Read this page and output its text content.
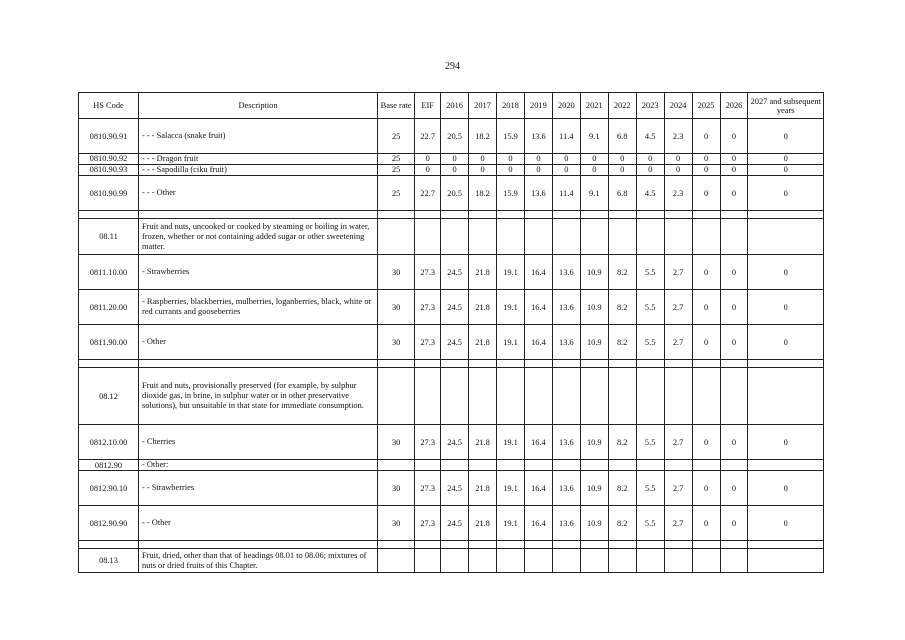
294
HS Code	Description	Base rate	EIF	2016	2017	2018	2019	2020	2021	2022	2023	2024	2025	2026	2027 and subsequent years
0810.90.91	- - - Salacca (snake fruit)	25	22.7	20.5	18.2	15.9	13.6	11.4	9.1	6.8	4.5	2.3	0	0	0
0810.90.92	- - - Dragon fruit	25	0	0	0	0	0	0	0	0	0	0	0	0	0
0810.90.93	- - - Sapodilla (ciku fruit)	25	0	0	0	0	0	0	0	0	0	0	0	0	0
0810.90.99	- - - Other	25	22.7	20.5	18.2	15.9	13.6	11.4	9.1	6.8	4.5	2.3	0	0	0

08.11	Fruit and nuts, uncooked or cooked by steaming or boiling in water, frozen, whether or not containing added sugar or other sweetening matter.														
0811.10.00	- Strawberries	30	27.3	24.5	21.8	19.1	16.4	13.6	10.9	8.2	5.5	2.7	0	0	0
0811.20.00	- Raspberries, blackberries, mulberries, loganberries, black, white or red currants and gooseberries	30	27.3	24.5	21.8	19.1	16.4	13.6	10.9	8.2	5.5	2.7	0	0	0
0811.90.00	- Other	30	27.3	24.5	21.8	19.1	16.4	13.6	10.9	8.2	5.5	2.7	0	0	0

08.12	Fruit and nuts, provisionally preserved (for example, by sulphur dioxide gas, in brine, in sulphur water or in other preservative solutions), but unsuitable in that state for immediate consumption.														
0812.10.00	- Cherries	30	27.3	24.5	21.8	19.1	16.4	13.6	10.9	8.2	5.5	2.7	0	0	0
0812.90	- Other:														
0812.90.10	- - Strawberries	30	27.3	24.5	21.8	19.1	16.4	13.6	10.9	8.2	5.5	2.7	0	0	0
0812.90.90	- - Other	30	27.3	24.5	21.8	19.1	16.4	13.6	10.9	8.2	5.5	2.7	0	0	0

08.13	Fruit, dried, other than that of headings 08.01 to 08.06; mixtures of nuts or dried fruits of this Chapter.														
